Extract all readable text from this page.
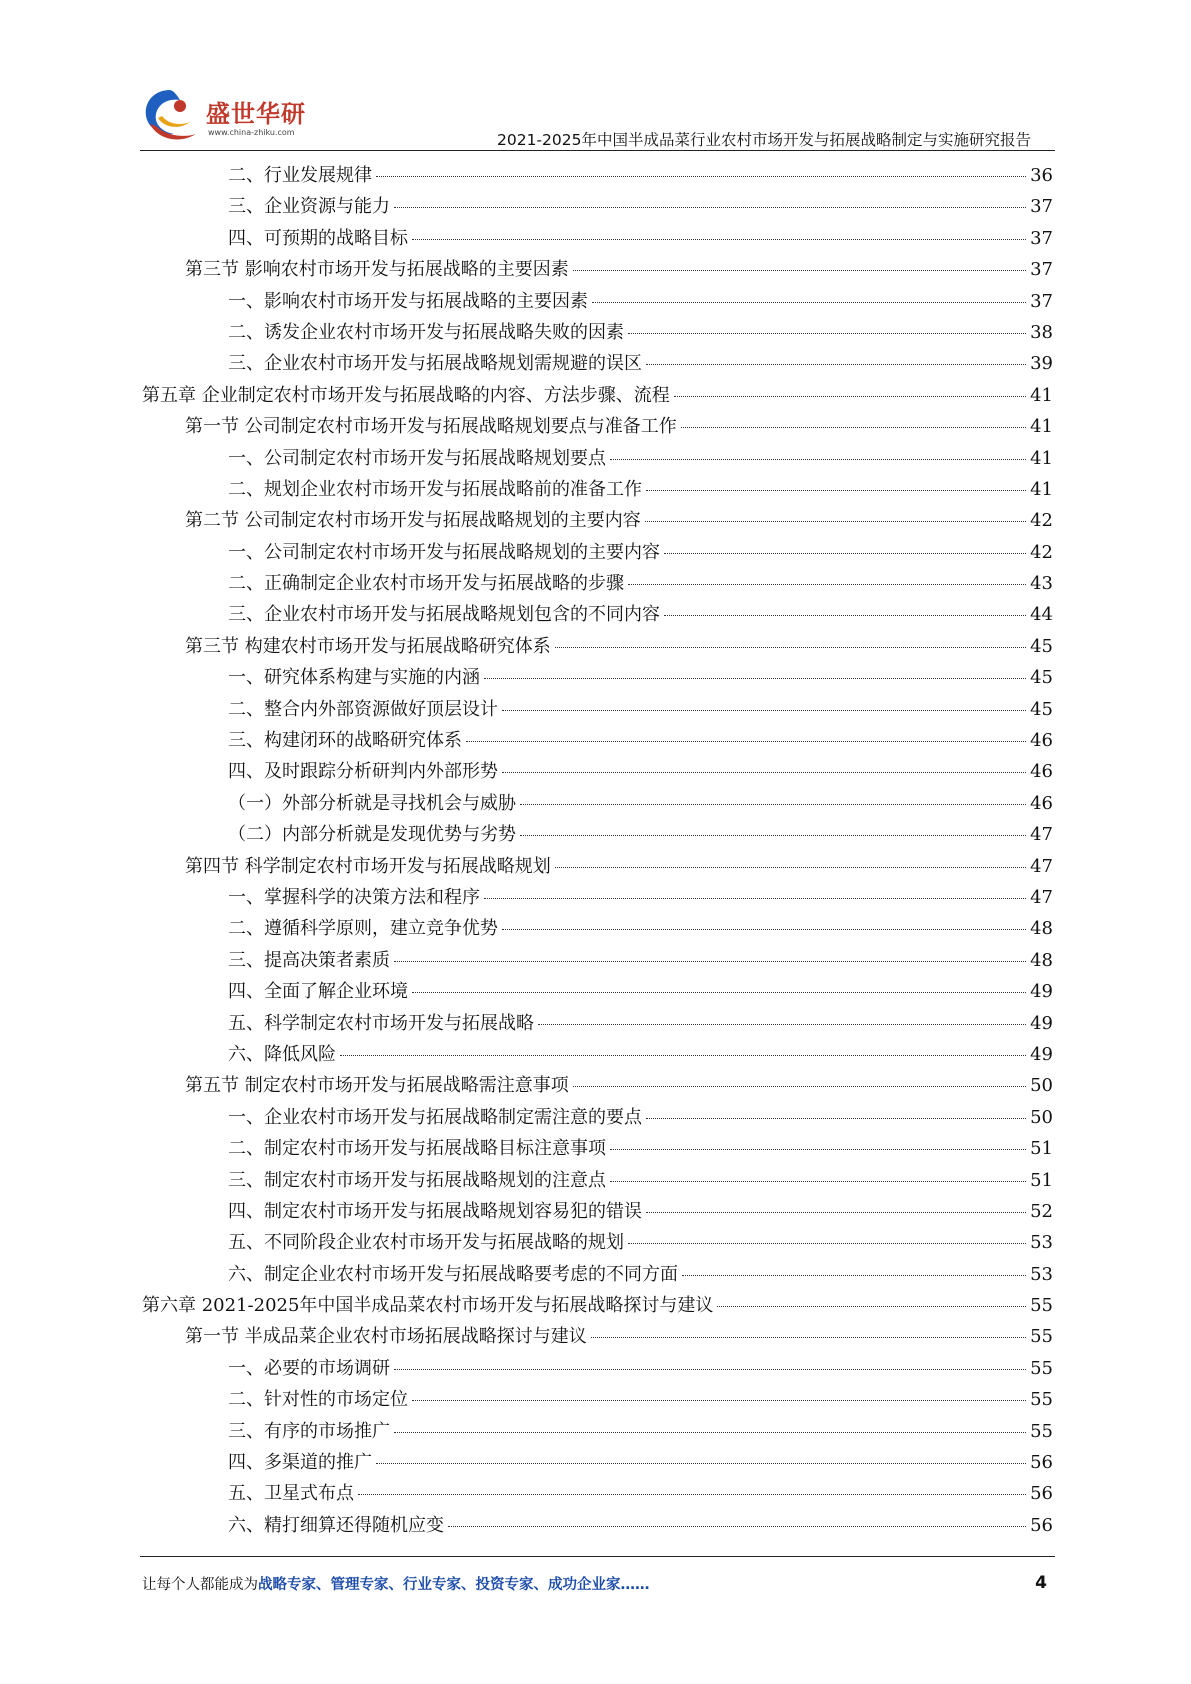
盛世华研
www.china-zhiku.com	2021-2025年中国半成品菜行业农村市场开发与拓展战略制定与实施研究报告
二、行业发展规律	36
三、企业资源与能力	37
四、可预期的战略目标	37
第三节 影响农村市场开发与拓展战略的主要因素	37
一、影响农村市场开发与拓展战略的主要因素	37
二、诱发企业农村市场开发与拓展战略失败的因素	38
三、企业农村市场开发与拓展战略规划需规避的误区	39
第五章 企业制定农村市场开发与拓展战略的内容、方法步骤、流程	41
第一节 公司制定农村市场开发与拓展战略规划要点与准备工作	41
一、公司制定农村市场开发与拓展战略规划要点	41
二、规划企业农村市场开发与拓展战略前的准备工作	41
第二节 公司制定农村市场开发与拓展战略规划的主要内容	42
一、公司制定农村市场开发与拓展战略规划的主要内容	42
二、正确制定企业农村市场开发与拓展战略的步骤	43
三、企业农村市场开发与拓展战略规划包含的不同内容	44
第三节 构建农村市场开发与拓展战略研究体系	45
一、研究体系构建与实施的内涵	45
二、整合内外部资源做好顶层设计	45
三、构建闭环的战略研究体系	46
四、及时跟踪分析研判内外部形势	46
（一）外部分析就是寻找机会与威胁	46
（二）内部分析就是发现优势与劣势	47
第四节 科学制定农村市场开发与拓展战略规划	47
一、掌握科学的决策方法和程序	47
二、遵循科学原则，建立竞争优势	48
三、提高决策者素质	48
四、全面了解企业环境	49
五、科学制定农村市场开发与拓展战略	49
六、降低风险	49
第五节 制定农村市场开发与拓展战略需注意事项	50
一、企业农村市场开发与拓展战略制定需注意的要点	50
二、制定农村市场开发与拓展战略目标注意事项	51
三、制定农村市场开发与拓展战略规划的注意点	51
四、制定农村市场开发与拓展战略规划容易犯的错误	52
五、不同阶段企业农村市场开发与拓展战略的规划	53
六、制定企业农村市场开发与拓展战略要考虑的不同方面	53
第六章 2021-2025年中国半成品菜农村市场开发与拓展战略探讨与建议	55
第一节 半成品菜企业农村市场拓展战略探讨与建议	55
一、必要的市场调研	55
二、针对性的市场定位	55
三、有序的市场推广	55
四、多渠道的推广	56
五、卫星式布点	56
六、精打细算还得随机应变	56
让每个人都能成为战略专家、管理专家、行业专家、投资专家、成功企业家……	4
